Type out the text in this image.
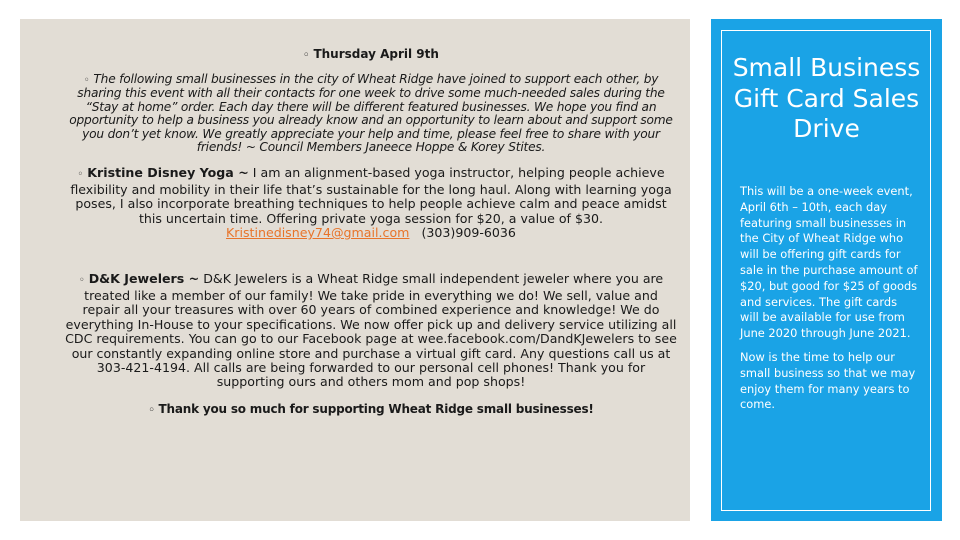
◦ Thursday April 9th

◦ The following small businesses in the city of Wheat Ridge have joined to support each other, by sharing this event with all their contacts for one week to drive some much-needed sales during the “Stay at home” order. Each day there will be different featured businesses. We hope you find an opportunity to help a business you already know and an opportunity to learn about and support some you don’t yet know. We greatly appreciate your help and time, please feel free to share with your friends! ~ Council Members Janeece Hoppe & Korey Stites.

◦ Kristine Disney Yoga ~ I am an alignment-based yoga instructor, helping people achieve flexibility and mobility in their life that’s sustainable for the long haul. Along with learning yoga poses, I also incorporate breathing techniques to help people achieve calm and peace amidst this uncertain time. Offering private yoga session for $20, a value of $30.
Kristinedisney74@gmail.com (303)909-6036

◦ D&K Jewelers ~ D&K Jewelers is a Wheat Ridge small independent jeweler where you are treated like a member of our family! We take pride in everything we do! We sell, value and repair all your treasures with over 60 years of combined experience and knowledge! We do everything In-House to your specifications. We now offer pick up and delivery service utilizing all CDC requirements. You can go to our Facebook page at wee.facebook.com/DandKJewelers to see our constantly expanding online store and purchase a virtual gift card. Any questions call us at 303-421-4194. All calls are being forwarded to our personal cell phones! Thank you for supporting ours and others mom and pop shops!

◦ Thank you so much for supporting Wheat Ridge small businesses!

Small Business Gift Card Sales Drive

This will be a one-week event, April 6th – 10th, each day featuring small businesses in the City of Wheat Ridge who will be offering gift cards for sale in the purchase amount of $20, but good for $25 of goods and services. The gift cards will be available for use from June 2020 through June 2021.

Now is the time to help our small business so that we may enjoy them for many years to come.
